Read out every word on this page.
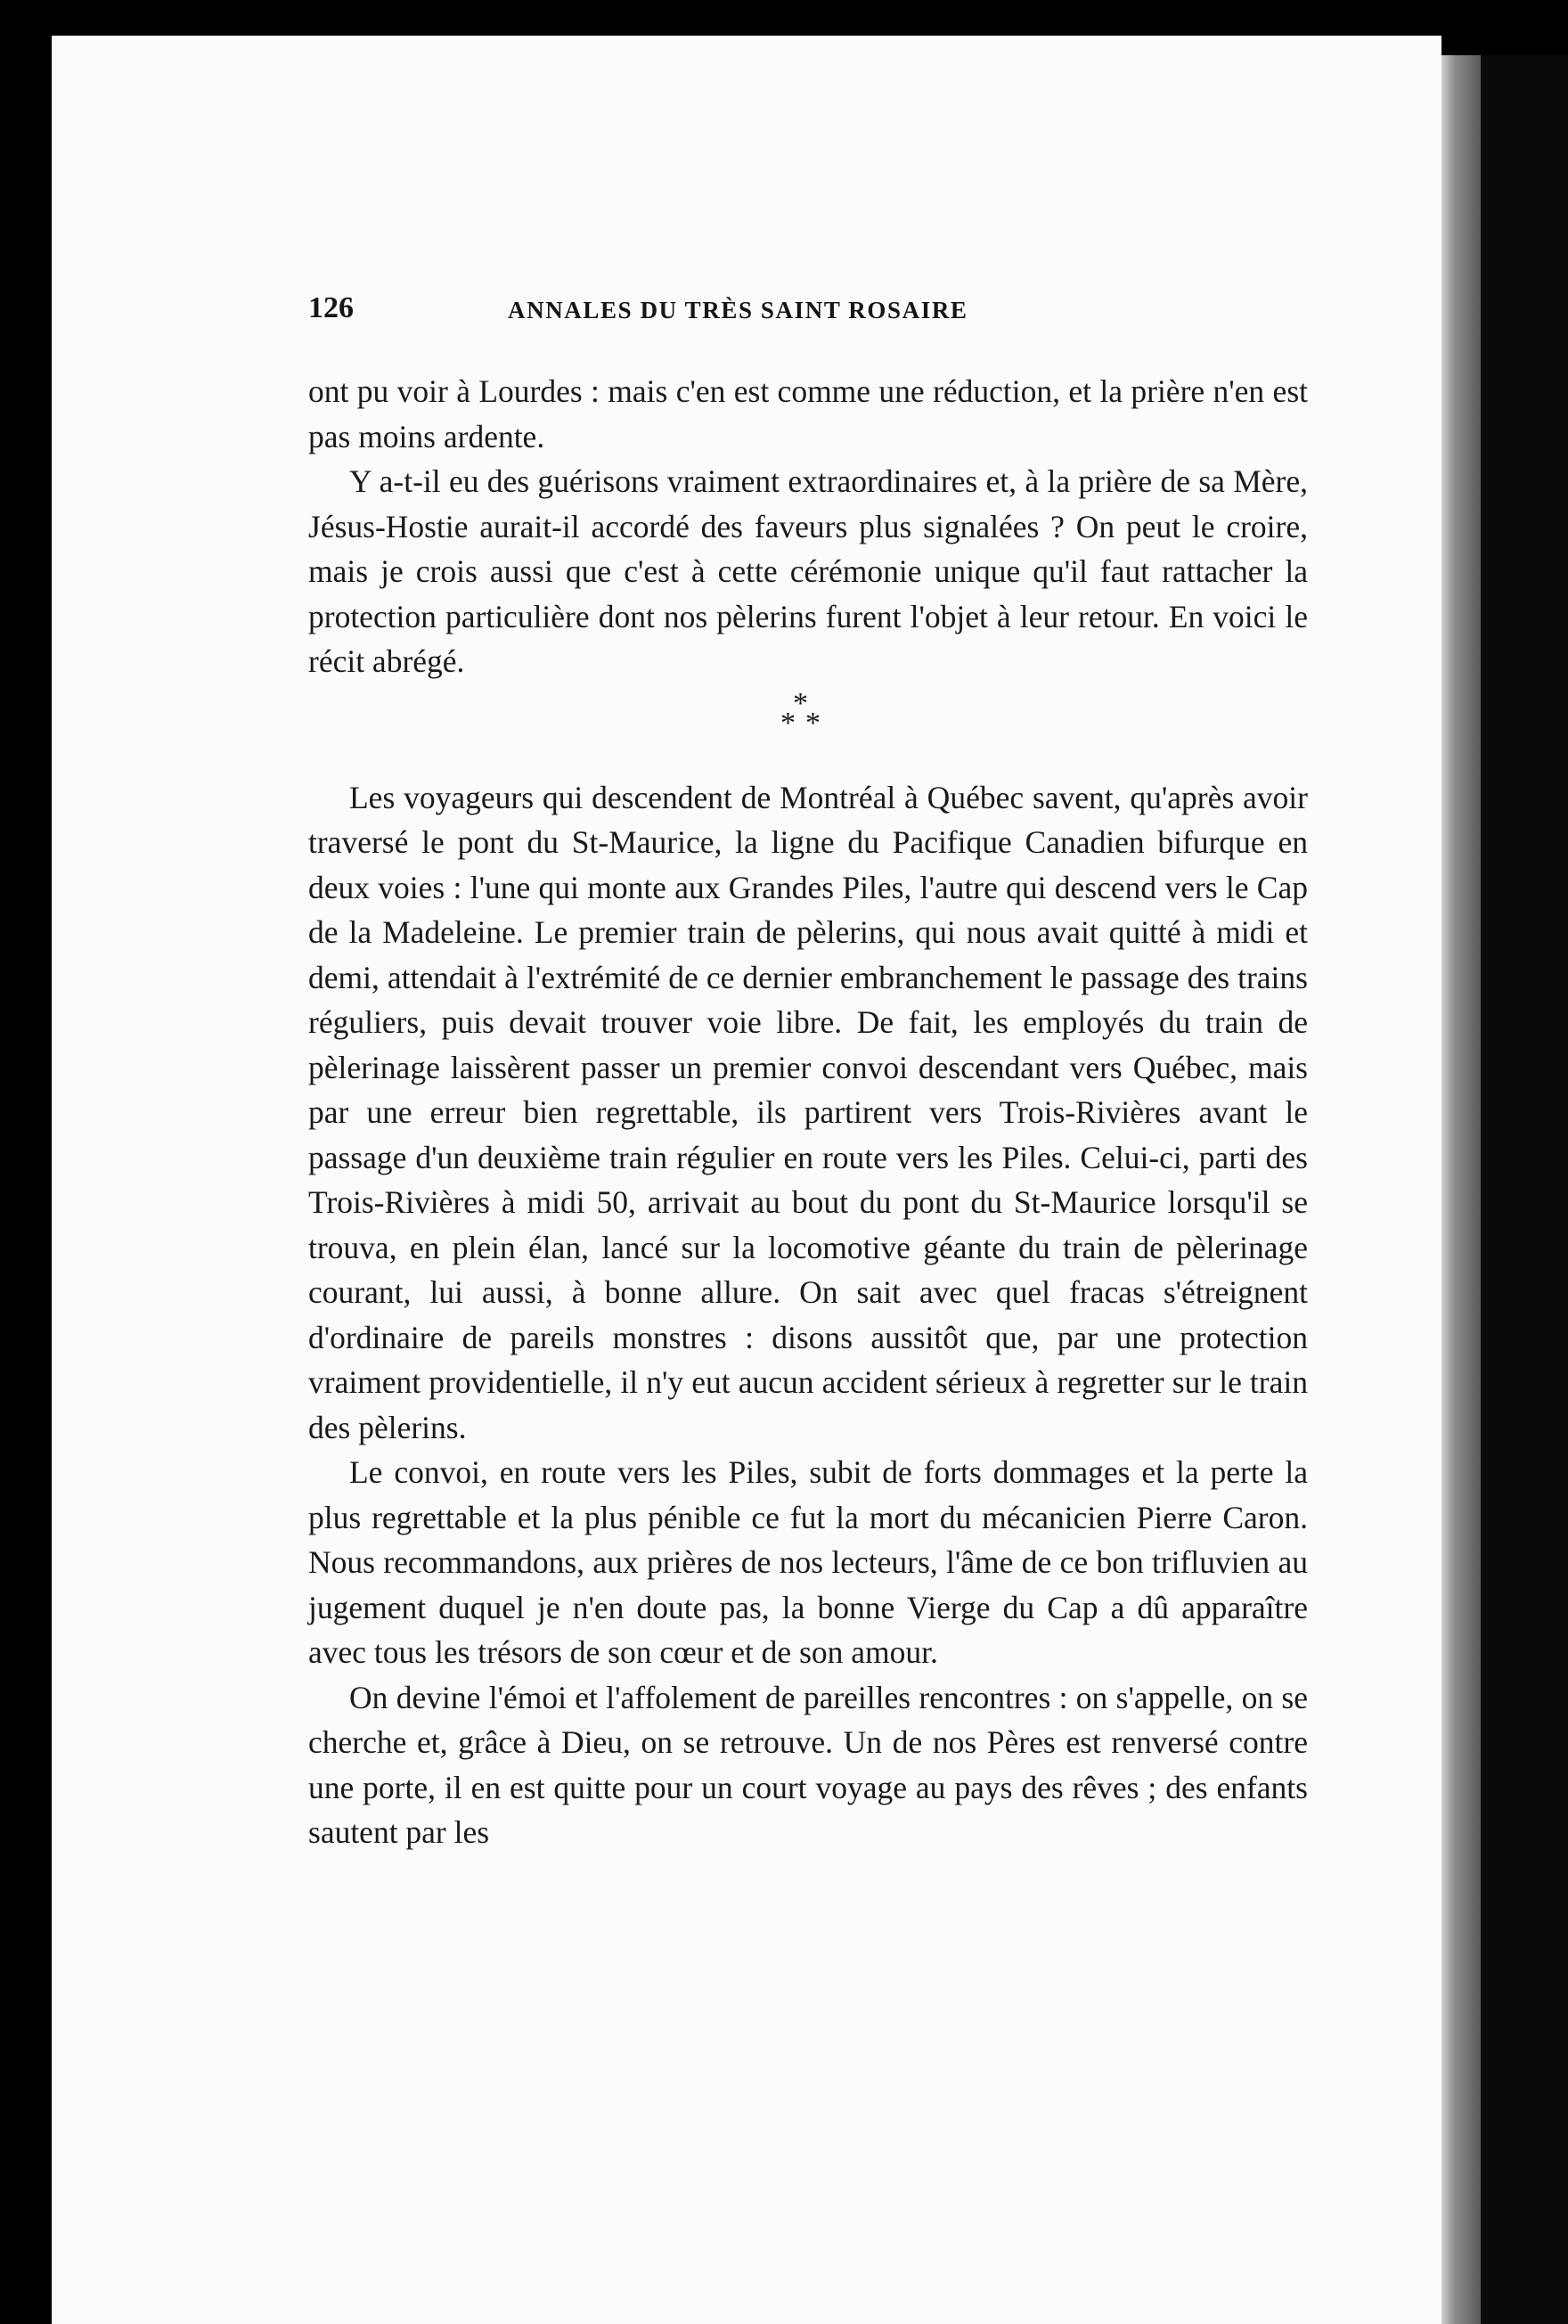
126	ANNALES DU TRÈS SAINT ROSAIRE

ont pu voir à Lourdes : mais c'en est comme une réduction, et la prière n'en est pas moins ardente.

Y a-t-il eu des guérisons vraiment extraordinaires et, à la prière de sa Mère, Jésus-Hostie aurait-il accordé des faveurs plus signalées ? On peut le croire, mais je crois aussi que c'est à cette cérémonie unique qu'il faut rattacher la protection particulière dont nos pèlerins furent l'objet à leur retour. En voici le récit abrégé.

*
* *

Les voyageurs qui descendent de Montréal à Québec savent, qu'après avoir traversé le pont du St-Maurice, la ligne du Pacifique Canadien bifurque en deux voies : l'une qui monte aux Grandes Piles, l'autre qui descend vers le Cap de la Madeleine. Le premier train de pèlerins, qui nous avait quitté à midi et demi, attendait à l'extrémité de ce dernier embranchement le passage des trains réguliers, puis devait trouver voie libre. De fait, les employés du train de pèlerinage laissèrent passer un premier convoi descendant vers Québec, mais par une erreur bien regrettable, ils partirent vers Trois-Rivières avant le passage d'un deuxième train régulier en route vers les Piles. Celui-ci, parti des Trois-Rivières à midi 50, arrivait au bout du pont du St-Maurice lorsqu'il se trouva, en plein élan, lancé sur la locomotive géante du train de pèlerinage courant, lui aussi, à bonne allure. On sait avec quel fracas s'étreignent d'ordinaire de pareils monstres : disons aussitôt que, par une protection vraiment providentielle, il n'y eut aucun accident sérieux à regretter sur le train des pèlerins.

Le convoi, en route vers les Piles, subit de forts dommages et la perte la plus regrettable et la plus pénible ce fut la mort du mécanicien Pierre Caron. Nous recommandons, aux prières de nos lecteurs, l'âme de ce bon trifluvien au jugement duquel je n'en doute pas, la bonne Vierge du Cap a dû apparaître avec tous les trésors de son cœur et de son amour.

On devine l'émoi et l'affolement de pareilles rencontres : on s'appelle, on se cherche et, grâce à Dieu, on se retrouve. Un de nos Pères est renversé contre une porte, il en est quitte pour un court voyage au pays des rêves ; des enfants sautent par les
